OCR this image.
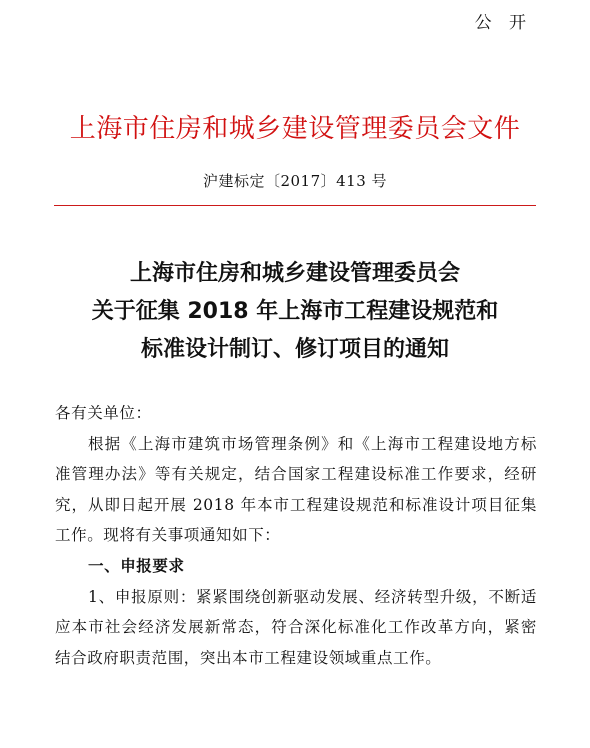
公 开
上海市住房和城乡建设管理委员会文件
沪建标定〔2017〕413 号
上海市住房和城乡建设管理委员会
关于征集 2018 年上海市工程建设规范和
标准设计制订、修订项目的通知
各有关单位：
根据《上海市建筑市场管理条例》和《上海市工程建设地方标准管理办法》等有关规定，结合国家工程建设标准工作要求，经研究，从即日起开展 2018 年本市工程建设规范和标准设计项目征集工作。现将有关事项通知如下：
一、申报要求
1、申报原则：紧紧围绕创新驱动发展、经济转型升级，不断适应本市社会经济发展新常态，符合深化标准化工作改革方向，紧密结合政府职责范围，突出本市工程建设领域重点工作。
